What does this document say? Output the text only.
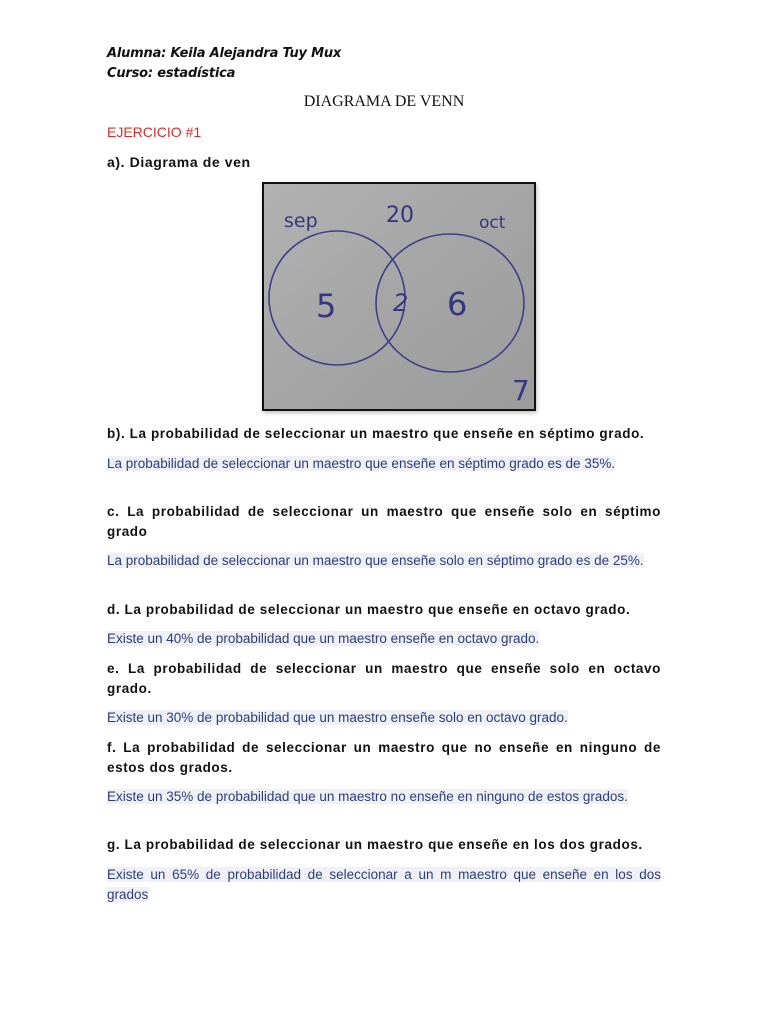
Alumna: Keila Alejandra Tuy Mux
Curso: estadística
DIAGRAMA DE VENN
EJERCICIO #1
a). Diagrama de ven
sep	20	oct
5 2 6
7
b). La probabilidad de seleccionar un maestro que enseñe en séptimo grado.
La probabilidad de seleccionar un maestro que enseñe en séptimo grado es de 35%.
c. La probabilidad de seleccionar un maestro que enseñe solo en séptimo grado
La probabilidad de seleccionar un maestro que enseñe solo en séptimo grado es de 25%.
d. La probabilidad de seleccionar un maestro que enseñe en octavo grado.
Existe un 40% de probabilidad que un maestro enseñe en octavo grado.
e. La probabilidad de seleccionar un maestro que enseñe solo en octavo grado.
Existe un 30% de probabilidad que un maestro enseñe solo en octavo grado.
f. La probabilidad de seleccionar un maestro que no enseñe en ninguno de estos dos grados.
Existe un 35% de probabilidad que un maestro no enseñe en ninguno de estos grados.
g. La probabilidad de seleccionar un maestro que enseñe en los dos grados.
Existe un 65% de probabilidad de seleccionar a un m maestro que enseñe en los dos grados
